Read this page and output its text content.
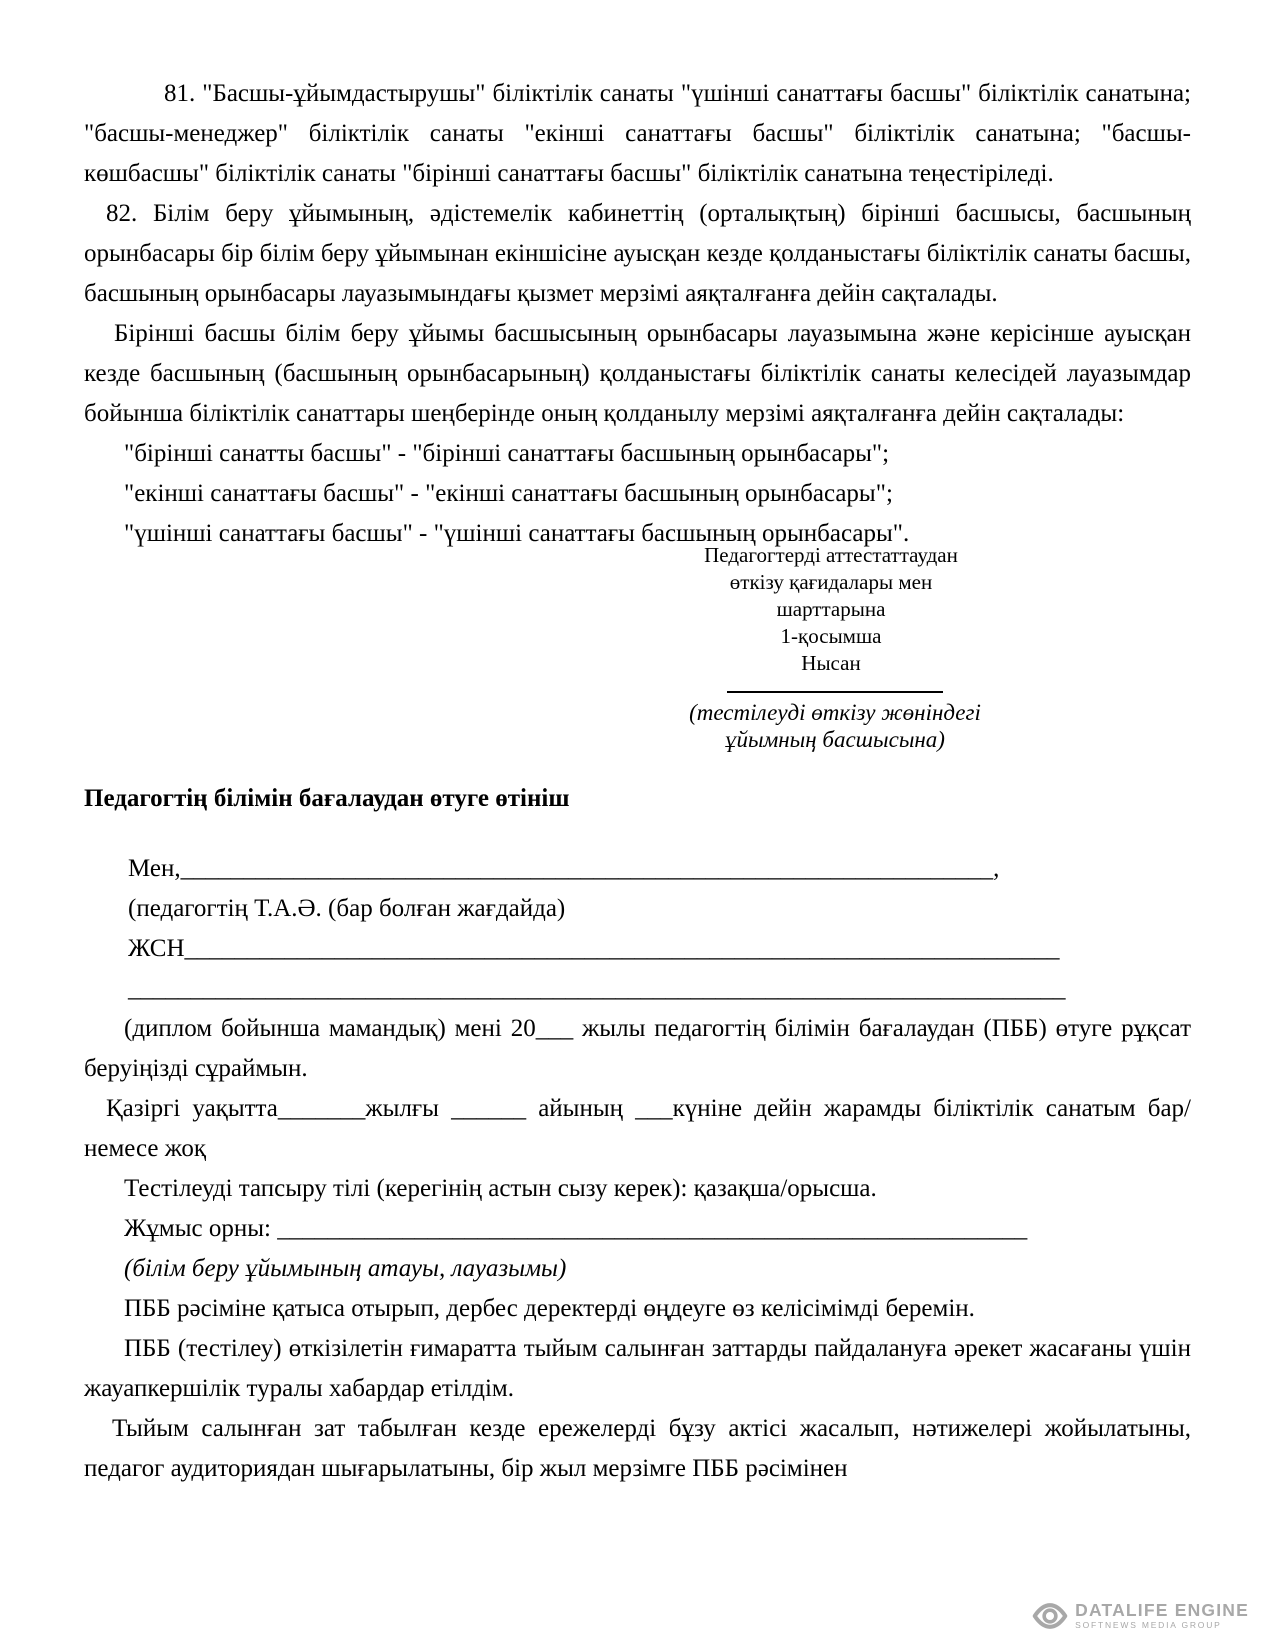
81. "Басшы-ұйымдастырушы" біліктілік санаты "үшінші санаттағы басшы" біліктілік санатына; "басшы-менеджер" біліктілік санаты "екінші санаттағы басшы" біліктілік санатына; "басшы-көшбасшы" біліктілік санаты "бірінші санаттағы басшы" біліктілік санатына теңестіріледі.

82. Білім беру ұйымының, әдістемелік кабинеттің (орталықтың) бірінші басшысы, басшының орынбасары бір білім беру ұйымынан екіншісіне ауысқан кезде қолданыстағы біліктілік санаты басшы, басшының орынбасары лауазымындағы қызмет мерзімі аяқталғанға дейін сақталады.

Бірінші басшы білім беру ұйымы басшысының орынбасары лауазымына және керісінше ауысқан кезде басшының (басшының орынбасарының) қолданыстағы біліктілік санаты келесідей лауазымдар бойынша біліктілік санаттары шеңберінде оның қолданылу мерзімі аяқталғанға дейін сақталады:

"бірінші санатты басшы" - "бірінші санаттағы басшының орынбасары";

"екінші санаттағы басшы" - "екінші санаттағы басшының орынбасары";

"үшінші санаттағы басшы" - "үшінші санаттағы басшының орынбасары".

Педагогтерді аттестаттаудан
өткізу қағидалары мен
шарттарына
1-қосымша
Нысан
(тестілеуді өткізу жөніндегі
ұйымның басшысына)
Педагогтің білімін бағалаудан өтуге өтініш

Мен,_________________________________________________________________,

(педагогтің Т.А.Ә. (бар болған жағдайда)

ЖСН______________________________________________________________________

___________________________________________________________________________

(диплом бойынша мамандық) мені 20___ жылы педагогтің білімін бағалаудан (ПББ) өтуге рұқсат беруіңізді сұраймын.

Қазіргі уақытта_______жылғы ______ айының ___күніне дейін жарамды біліктілік санатым бар/немесе жоқ

Тестілеуді тапсыру тілі (керегінің астын сызу керек): қазақша/орысша.

Жұмыс орны: ____________________________________________________________

(білім беру ұйымының атауы, лауазымы)

ПББ рәсіміне қатыса отырып, дербес деректерді өңдеуге өз келісімімді беремін.

ПББ (тестілеу) өткізілетін ғимаратта тыйым салынған заттарды пайдалануға әрекет жасағаны үшін жауапкершілік туралы хабардар етілдім.

Тыйым салынған зат табылған кезде ережелерді бұзу актісі жасалып, нәтижелері жойылатыны, педагог аудиториядан шығарылатыны, бір жыл мерзімге ПББ рәсімінен

DATALIFE ENGINE
SOFTNEWS MEDIA GROUP
